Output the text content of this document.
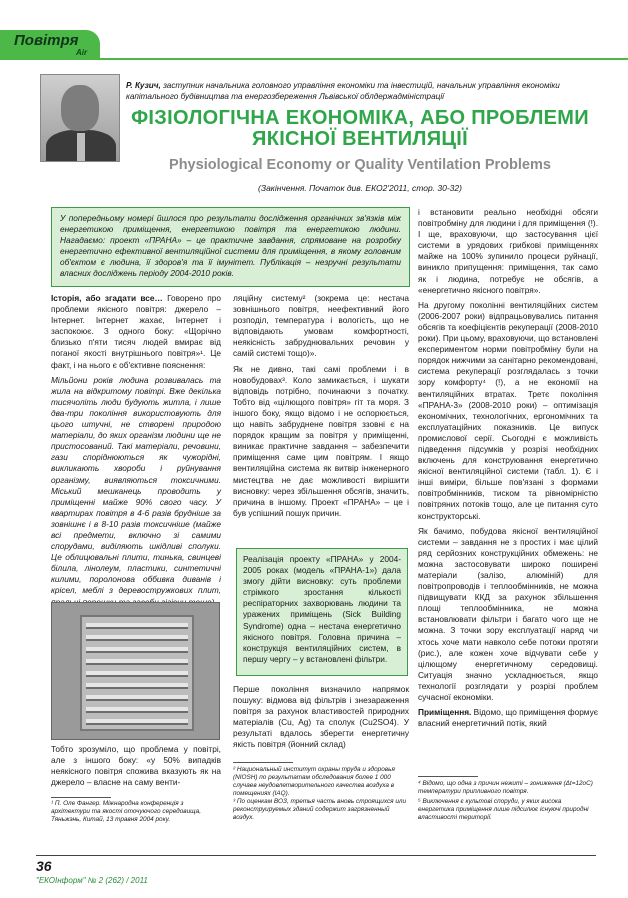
Повітря
Air
Р. Кузич, заступник начальника головного управління економіки та інвестицій, начальник управління економіки капітального будівництва та енергозбереження Львівської облдержадміністрації
ФІЗІОЛОГІЧНА ЕКОНОМІКА, АБО ПРОБЛЕМИ ЯКІСНОЇ ВЕНТИЛЯЦІЇ
Physiological Economy or Quality Ventilation Problems
(Закінчення. Початок див. ЕКО2'2011, стор. 30-32)
У попередньому номері йшлося про результати дослідження органічних зв'язків між енергетикою приміщення, енергетикою повітря та енергетикою людини. Нагадаємо: проект «ПРАНА» – це практичне завдання, спрямоване на розробку енергетично ефективної вентиляційної системи для приміщення, в якому головним об'єктом є людина, її здоров'я та її імунітет. Публікація – незручні результати власних досліджень періоду 2004-2010 років.

Історія, або згадати все… Говорено про проблеми якісного повітря: джерело – Інтернет. Інтернет жахає, Інтернет і заспокоює. З одного боку: «Щорічно близько п'яти тисяч людей вмирає від поганої якості внутрішнього повітря»¹. Це факт, і на нього є об'єктивне пояснення:

Мільйони років людина розвивалась та жила на відкритому повітрі. Вже декілька тисячоліть люди будують житла, і лише два-три покоління використовують для цього штучні, не створені природою матеріали, до яких організм людини ще не пристосований. Такі матеріали, речовини, гази споріднюються як чужорідні, викликають хвороби і руйнування організму, виявляються токсичними. Міський мешканець проводить у приміщенні майже 90% свого часу. У квартирах повітря в 4-6 разів брудніше за зовнішнє і в 8-10 разів токсичніше (майже всі предмети, включно зі самими спорудами, виділяють шкідливі сполуки. Це облицювальні плити, тинька, свинцеві білила, лінолеум, пластики, синтетичні килими, поролонова оббивка диванів і крісел, меблі з деревостружкових плит,

Тобто зрозуміло, що проблема у повітрі, але з іншого боку: «у 50% випадків неякісного повітря спожива вказують як на джерело – власне на саму венти-

ляційну систему² (зокрема це: нестача зовнішнього повітря, неефективний його розподіл, температура і вологість, що не відповідають умовам комфортності, неякісність забруднювальних речовин у самій системі тощо)».

Як не дивно, такі самі проблеми і в новобудовах³. Коло замикається, і шукати відповідь потрібно, починаючи з початку. Тобто від «цілющого повітря» гіт та моря. З іншого боку, якщо відомо і не оспорюється, що навіть забруднене повітря ззовні є на порядок кращим за повітря у приміщенні, виникає практичне завдання – забезпечити приміщення саме цим повітрям. І якщо вентиляційна система як витвір інженерного мистецтва не дає можливості вирішити висновку: через збільшення обсягів, значить, причина в іншому. Проект «ПРАНА» – це і був успішний пошук причин.

Реалізація проекту «ПРАНА» у 2004-2005 роках (модель «ПРАНА-1») дала змогу дійти висновку: суть проблеми стрімкого зростання кількості респіраторних захворювань людини та уражених приміщень (Sick Building Syndrome) одна – нестача енергетично якісного повітря. Головна причина – конструкція вентиляційних систем, в першу чергу – у встановлені фільтри.
Перше покоління визначило напрямок пошуку: відмова від фільтрів і знезараження повітря за рахунок властивостей природних матеріалів (Cu, Ag) та сполук (Cu2SO4). У результаті вдалось зберегти енергетичну якість повітря (йонний склад)

і встановити реально необхідні обсяги повітробміну для людини і для приміщення (!). І ще, враховуючи, що застосування цієї системи в урядових грибкові приміщеннях майже на 100% зупинило процеси руйнації, виникло припущення: приміщення, так само як і людина, потребує не обсягів, а «енергетично якісного повітря».

На другому поколінні вентиляційних систем (2006-2007 роки) відпрацьовувались питання обсягів та коефіцієнтів рекуперації (2008-2010 роки). При цьому, враховуючи, що встановлені експериментом норми повітробміну були на порядок нижчими за санітарно рекомендовані, система рекуперації розглядалась з точки зору комфорту⁴ (!), а не економії на вентиляційних втратах. Третє покоління «ПРАНА-3» (2008-2010 роки) – оптимізація економічних, технологічних, ергономічних та експлуатаційних показників. Це випуск промислової серії. Сьогодні є можливість підведення підсумків у розрізі необхідних включень для конструювання енергетично якісної вентиляційної системи (табл. 1). Є і інші виміри, більше пов'язані з формами повітробмінників, тиском та рівномірністю повітряних потоків тощо, але це питання суто конструкторські.

Як бачимо, побудова якісної вентиляційної системи – завдання не з простих і має цілий ряд серйозних конструкційних обмежень: не можна застосовувати широко поширені матеріали (залізо, алюміній) для повітропроводів і теплообмінників, не можна підвищувати ККД за рахунок збільшення площі теплообмінника, не можна встановлювати фільтри і багато чого ще не можна. З точки зору експлуатації наряд чи хтось хоче мати навколо себе потоки протяги (рис.), але кожен хоче відчувати себе у цілющому енергетичному середовищі. Ситуація значно ускладнюється, якщо технології розглядати у розрізі проблем сучасної економіки.

Приміщення. Відомо, що приміщення формує власний енергетичний потік, який

¹ П. Оле Фангер. Міжнародна конференція з архітектури та якості оточуючого середовища, Тяньжэнь, Китай, 13 травня 2004 року.
² Национальный институт охраны труда и здоровья (NIOSH) по результатам обследования более 1 000 случаев неудовлетворительного качества воздуха в помещениях (IAQ).
³ По оценкам ВОЗ, третья часть вновь строящихся или реконструируемых зданий содержит загрязненный воздух.
⁴ Відомо, що одна з причин нежиті – зониження (Δt=12oC) температури припливного повітря.
⁵ Виключення є культові споруди, у яких висока енергетика приміщення лише підсилює існуючі природні властивості території.
36
"ЕКОІнформ" № 2 (262) / 2011
